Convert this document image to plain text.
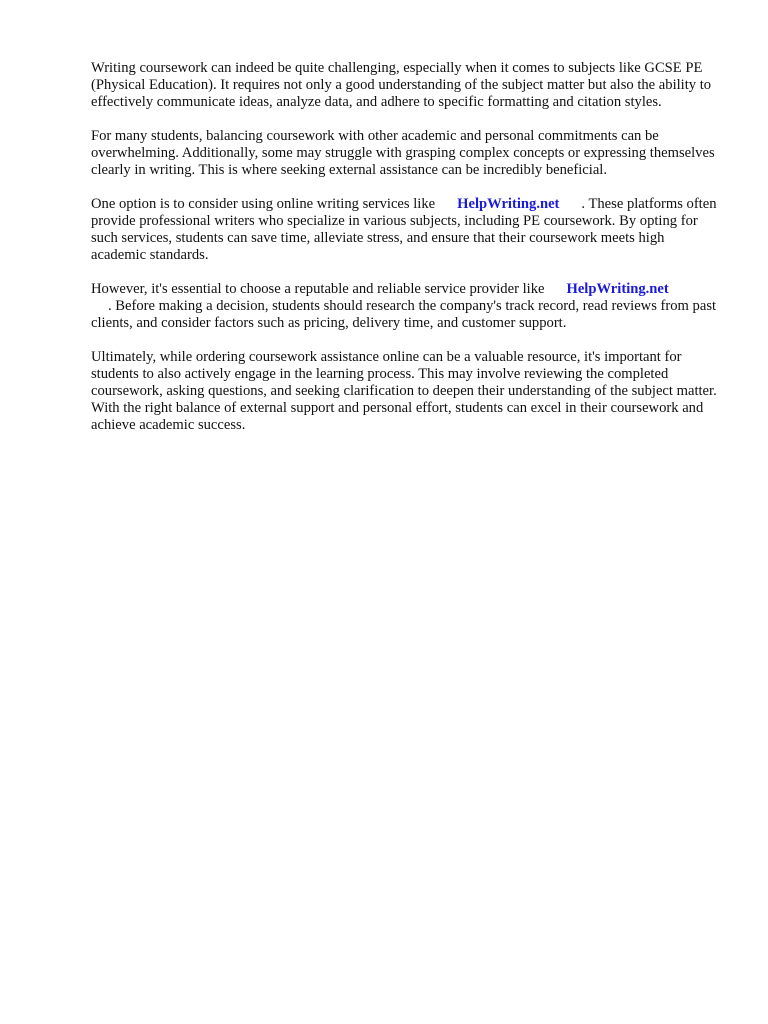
Writing coursework can indeed be quite challenging, especially when it comes to subjects like GCSE PE (Physical Education). It requires not only a good understanding of the subject matter but also the ability to effectively communicate ideas, analyze data, and adhere to specific formatting and citation styles.

For many students, balancing coursework with other academic and personal commitments can be overwhelming. Additionally, some may struggle with grasping complex concepts or expressing themselves clearly in writing. This is where seeking external assistance can be incredibly beneficial.

One option is to consider using online writing services like HelpWriting.net . These platforms often provide professional writers who specialize in various subjects, including PE coursework. By opting for such services, students can save time, alleviate stress, and ensure that their coursework meets high academic standards.

However, it's essential to choose a reputable and reliable service provider like HelpWriting.net
. Before making a decision, students should research the company's track record, read reviews from past clients, and consider factors such as pricing, delivery time, and customer support.

Ultimately, while ordering coursework assistance online can be a valuable resource, it's important for students to also actively engage in the learning process. This may involve reviewing the completed coursework, asking questions, and seeking clarification to deepen their understanding of the subject matter. With the right balance of external support and personal effort, students can excel in their coursework and achieve academic success.
